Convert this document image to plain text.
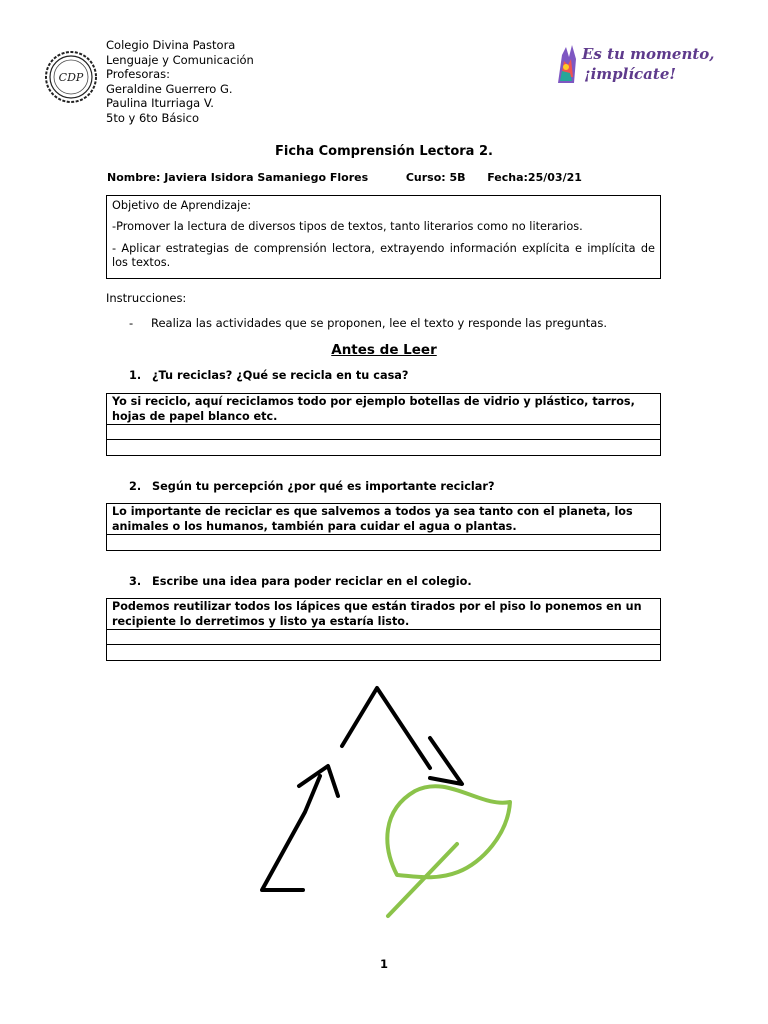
Colegio Divina Pastora
Lenguaje y Comunicación
Profesoras:
Geraldine Guerrero G.
Paulina Iturriaga V.
5to y 6to Básico
CDP
Es tu momento,
¡implícate!
Ficha Comprensión Lectora 2.
Nombre: Javiera Isidora Samaniego Flores	Curso: 5B Fecha:25/03/21

Objetivo de Aprendizaje:

-Promover la lectura de diversos tipos de textos, tanto literarios como no literarios.

- Aplicar estrategias de comprensión lectora, extrayendo información explícita e implícita de los textos.

Instrucciones:
- Realiza las actividades que se proponen, lee el texto y responde las preguntas.
Antes de Leer
1. ¿Tu reciclas? ¿Qué se recicla en tu casa?
Yo si reciclo, aquí reciclamos todo por ejemplo botellas de vidrio y plástico, tarros, hojas de papel blanco etc.

2. Según tu percepción ¿por qué es importante reciclar?
Lo importante de reciclar es que salvemos a todos ya sea tanto con el planeta, los animales o los humanos, también para cuidar el agua o plantas.

3. Escribe una idea para poder reciclar en el colegio.
Podemos reutilizar todos los lápices que están tirados por el piso lo ponemos en un recipiente lo derretimos y listo ya estaría listo.

1
